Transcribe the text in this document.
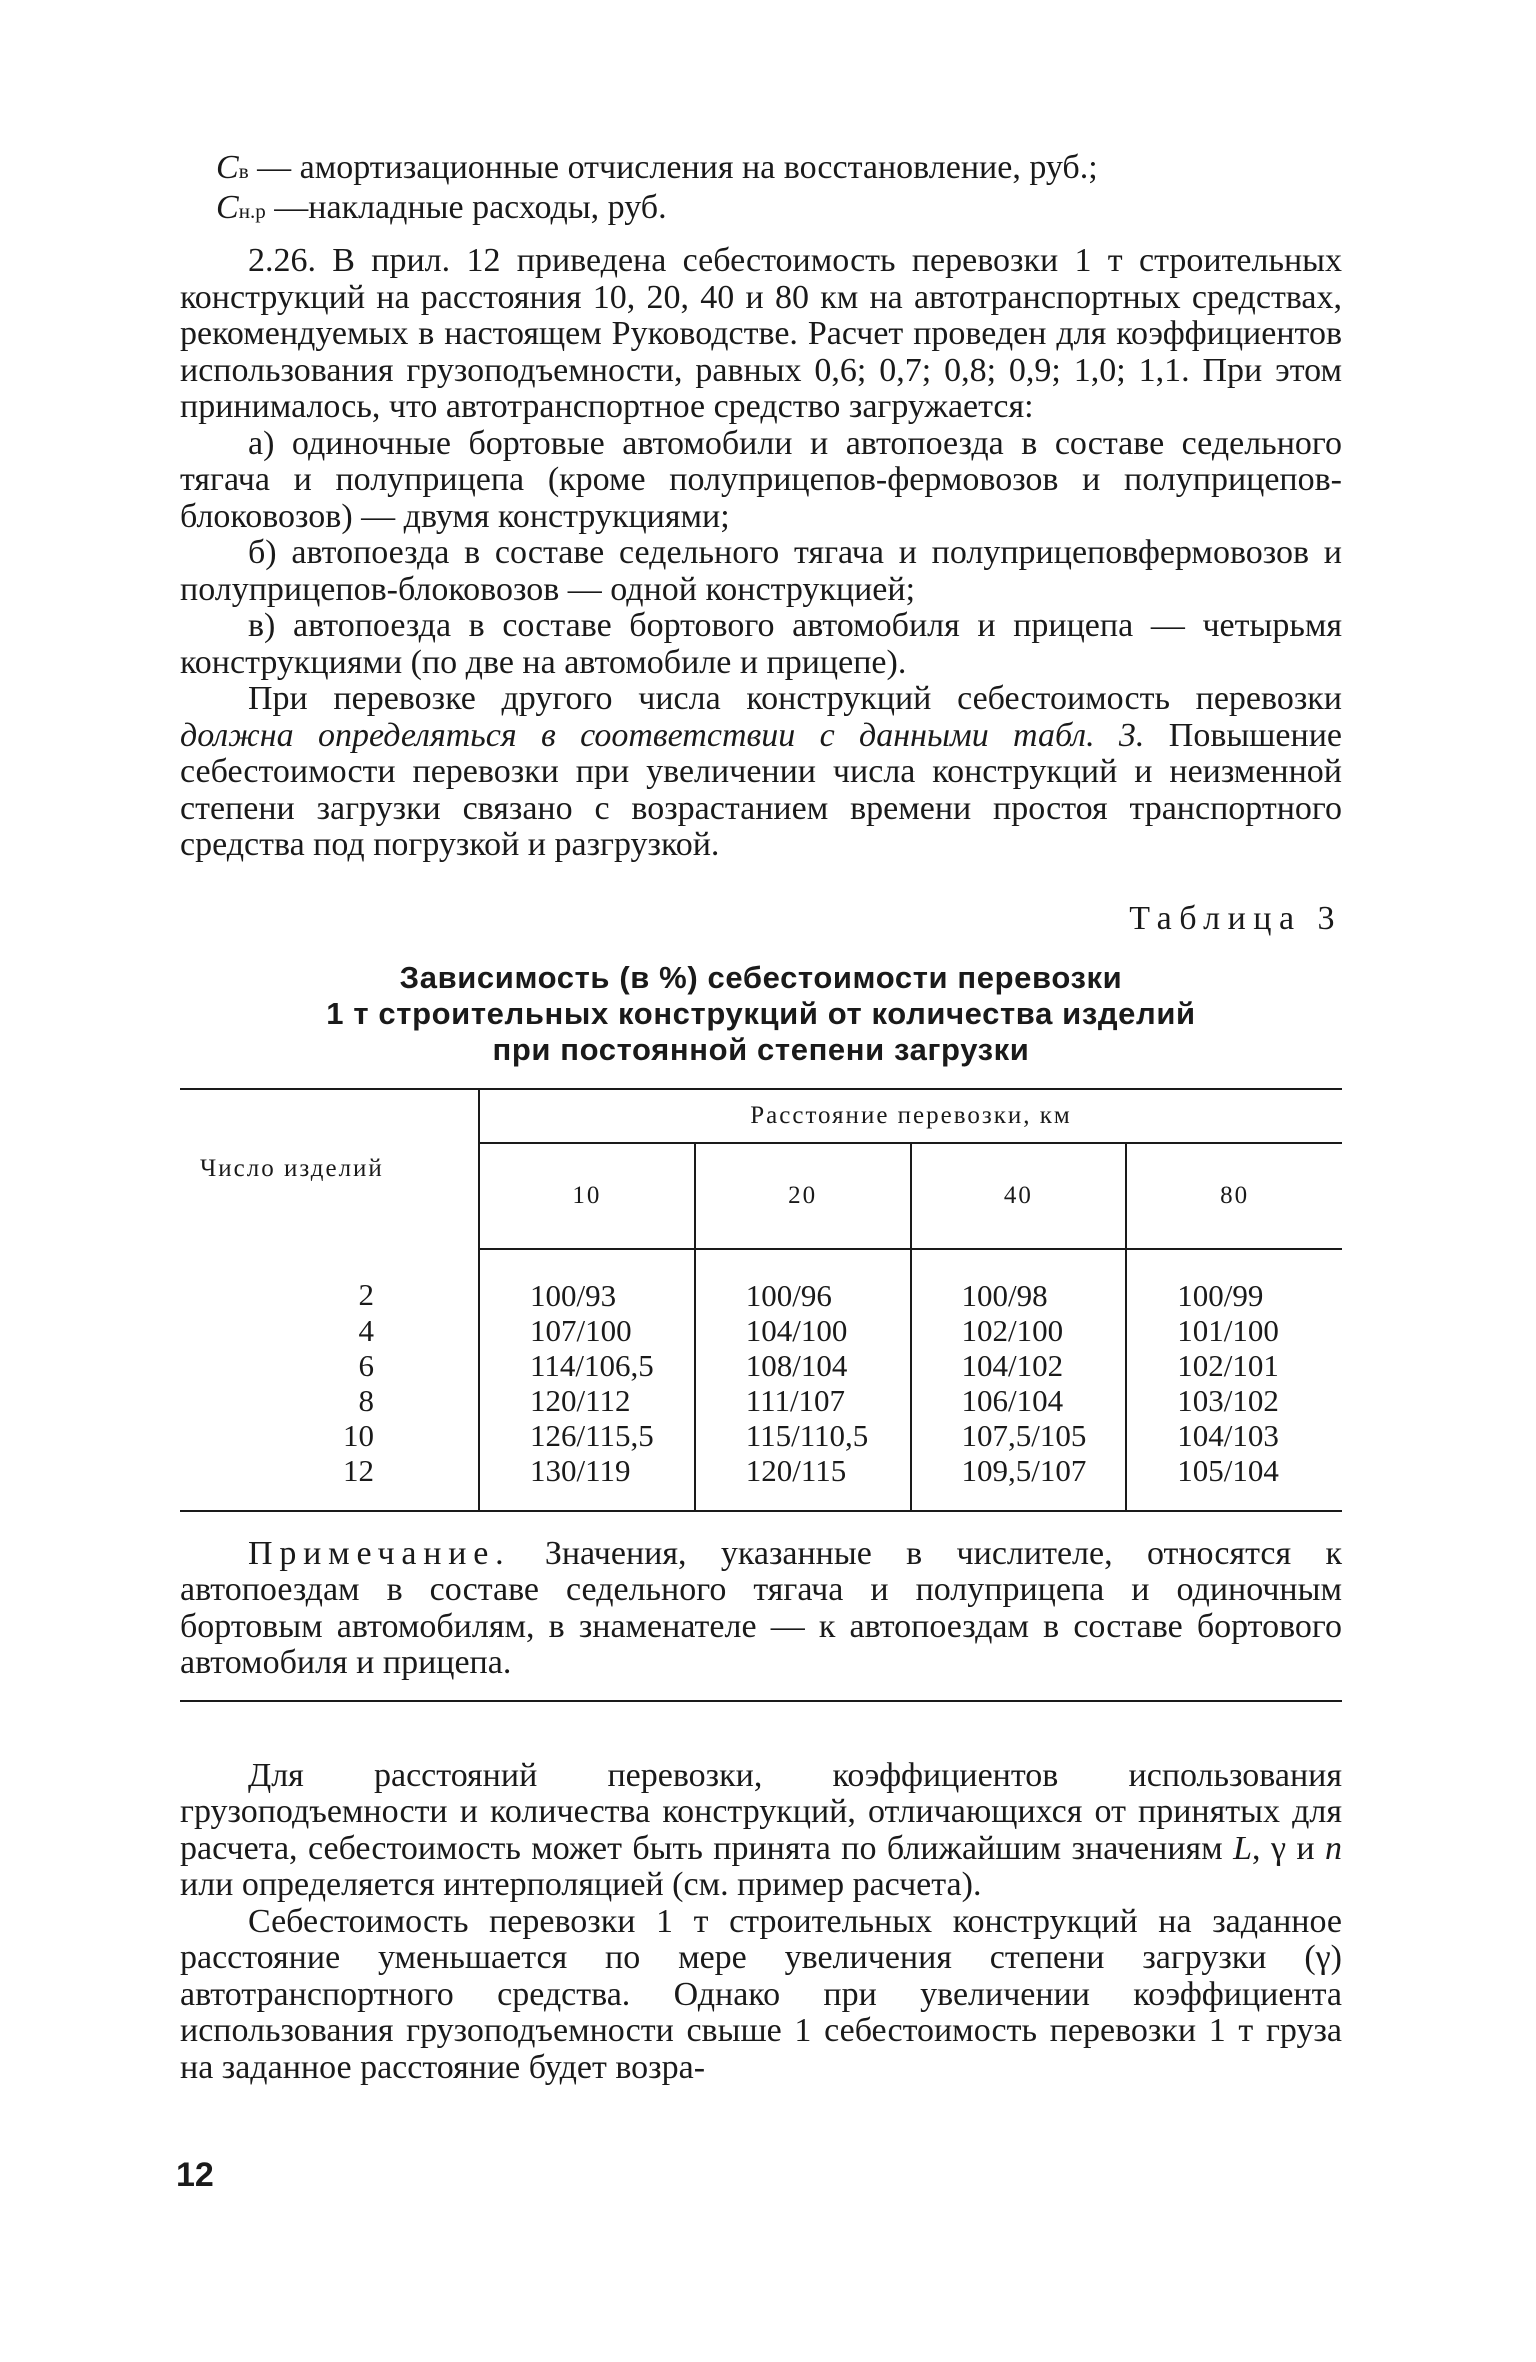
Cв — амортизационные отчисления на восстановление, руб.;

Cн.р —накладные расходы, руб.

2.26. В прил. 12 приведена себестоимость перевозки 1 т строительных конструкций на расстояния 10, 20, 40 и 80 км на автотранспортных средствах, рекомендуемых в настоящем Руководстве. Расчет проведен для коэффициентов использования грузоподъемности, равных 0,6; 0,7; 0,8; 0,9; 1,0; 1,1. При этом принималось, что автотранспортное средство загружается:

а) одиночные бортовые автомобили и автопоезда в составе седельного тягача и полуприцепа (кроме полуприцепов-фермовозов и полуприцепов-блоковозов) — двумя конструкциями;

б) автопоезда в составе седельного тягача и полуприцеповфермовозов и полуприцепов-блоковозов — одной конструкцией;

в) автопоезда в составе бортового автомобиля и прицепа — четырьмя конструкциями (по две на автомобиле и прицепе).

При перевозке другого числа конструкций себестоимость перевозки должна определяться в соответствии с данными табл. 3. Повышение себестоимости перевозки при увеличении числа конструкций и неизменной степени загрузки связано с возрастанием времени простоя транспортного средства под погрузкой и разгрузкой.

Таблица 3
Зависимость (в %) себестоимости перевозки
1 т строительных конструкций от количества изделий
при постоянной степени загрузки
Число изделий	Расстояние перевозки, км			
	10	20	40	80
2	100/93	100/96	100/98	100/99
4	107/100	104/100	102/100	101/100
6	114/106,5	108/104	104/102	102/101
8	120/112	111/107	106/104	103/102
10	126/115,5	115/110,5	107,5/105	104/103
12	130/119	120/115	109,5/107	105/104

Примечание. Значения, указанные в числителе, относятся к автопоездам в составе седельного тягача и полуприцепа и одиночным бортовым автомобилям, в знаменателе — к автопоездам в составе бортового автомобиля и прицепа.

Для расстояний перевозки, коэффициентов использования грузоподъемности и количества конструкций, отличающихся от принятых для расчета, себестоимость может быть принята по ближайшим значениям L, γ и n или определяется интерполяцией (см. пример расчета).

Себестоимость перевозки 1 т строительных конструкций на заданное расстояние уменьшается по мере увеличения степени загрузки (γ) автотранспортного средства. Однако при увеличении коэффициента использования грузоподъемности свыше 1 себестоимость перевозки 1 т груза на заданное расстояние будет возра-

12
